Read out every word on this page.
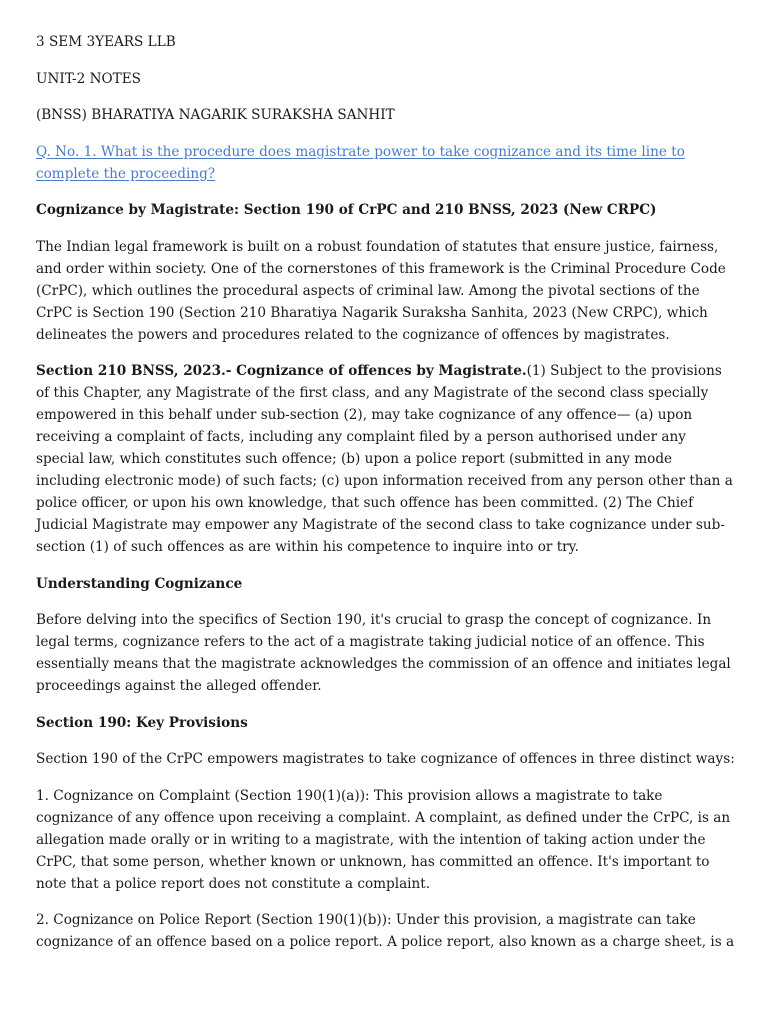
3 SEM 3YEARS LLB

UNIT-2 NOTES

(BNSS) BHARATIYA NAGARIK SURAKSHA SANHIT

Q. No. 1. What is the procedure does magistrate power to take cognizance and its time line to complete the proceeding?

Cognizance by Magistrate: Section 190 of CrPC and 210 BNSS, 2023 (New CRPC)

The Indian legal framework is built on a robust foundation of statutes that ensure justice, fairness, and order within society. One of the cornerstones of this framework is the Criminal Procedure Code (CrPC), which outlines the procedural aspects of criminal law. Among the pivotal sections of the CrPC is Section 190 (Section 210 Bharatiya Nagarik Suraksha Sanhita, 2023 (New CRPC), which delineates the powers and procedures related to the cognizance of offences by magistrates.

Section 210 BNSS, 2023.- Cognizance of offences by Magistrate.(1) Subject to the provisions of this Chapter, any Magistrate of the first class, and any Magistrate of the second class specially empowered in this behalf under sub-section (2), may take cognizance of any offence— (a) upon receiving a complaint of facts, including any complaint filed by a person authorised under any special law, which constitutes such offence; (b) upon a police report (submitted in any mode including electronic mode) of such facts; (c) upon information received from any person other than a police officer, or upon his own knowledge, that such offence has been committed. (2) The Chief Judicial Magistrate may empower any Magistrate of the second class to take cognizance under sub-section (1) of such offences as are within his competence to inquire into or try.

Understanding Cognizance

Before delving into the specifics of Section 190, it's crucial to grasp the concept of cognizance. In legal terms, cognizance refers to the act of a magistrate taking judicial notice of an offence. This essentially means that the magistrate acknowledges the commission of an offence and initiates legal proceedings against the alleged offender.

Section 190: Key Provisions

Section 190 of the CrPC empowers magistrates to take cognizance of offences in three distinct ways:

1. Cognizance on Complaint (Section 190(1)(a)): This provision allows a magistrate to take cognizance of any offence upon receiving a complaint. A complaint, as defined under the CrPC, is an allegation made orally or in writing to a magistrate, with the intention of taking action under the CrPC, that some person, whether known or unknown, has committed an offence. It's important to note that a police report does not constitute a complaint.

2. Cognizance on Police Report (Section 190(1)(b)): Under this provision, a magistrate can take cognizance of an offence based on a police report. A police report, also known as a charge sheet, is a
